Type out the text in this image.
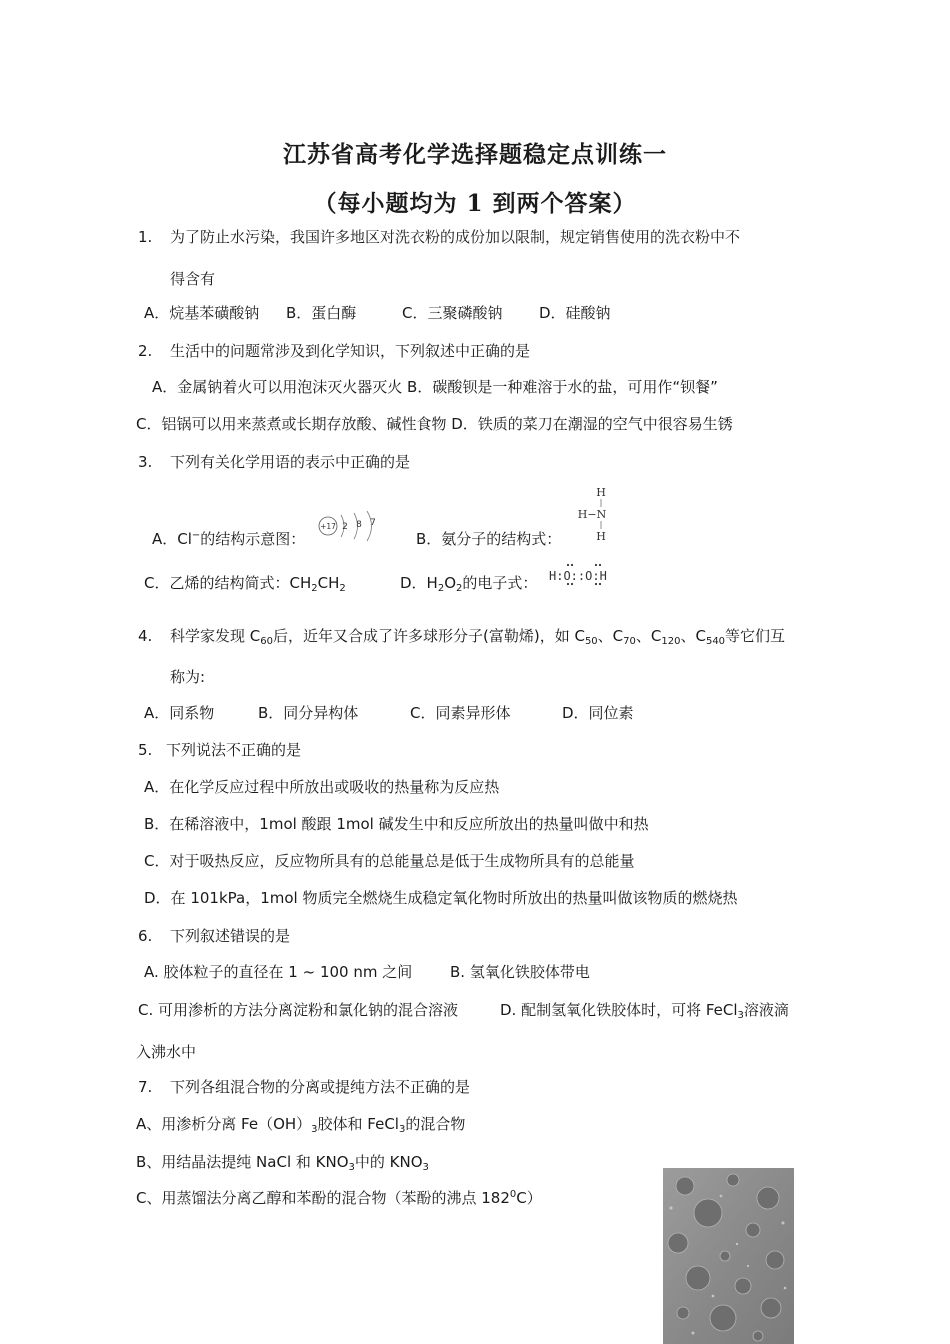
江苏省高考化学选择题稳定点训练一
（每小题均为 1 到两个答案）
1. 为了防止水污染，我国许多地区对洗衣粉的成份加以限制，规定销售使用的洗衣粉中不
得含有
A．烷基苯磺酸钠 B．蛋白酶	C．三聚磷酸钠 D．硅酸钠
2. 生活中的问题常涉及到化学知识，下列叙述中正确的是
A．金属钠着火可以用泡沫灭火器灭火 B．碳酸钡是一种难溶于水的盐，可用作“钡餐”
C．铝锅可以用来蒸煮或长期存放酸、碱性食物 D．铁质的菜刀在潮湿的空气中很容易生锈
3. 下列有关化学用语的表示中正确的是
A．Cl−的结构示意图：
+17 2 8 7
B．氨分子的结构式：
H
H−N
H
C．乙烯的结构简式：$CH_2CH_2$	D．$H_2O_2$的电子式： H:O::O:H
4. 科学家发现 $C_{60}$后，近年又合成了许多球形分子(富勒烯)，如 $C_{50}$、$C_{70}$、$C_{120}$、$C_{540}$等它们互
称为:
A．同系物	B．同分异构体	C．同素异形体	D．同位素
5. 下列说法不正确的是
A．在化学反应过程中所放出或吸收的热量称为反应热
B．在稀溶液中，1mol 酸跟 1mol 碱发生中和反应所放出的热量叫做中和热
C．对于吸热反应，反应物所具有的总能量总是低于生成物所具有的总能量
D．在 101kPa，1mol 物质完全燃烧生成稳定氧化物时所放出的热量叫做该物质的燃烧热
6. 下列叙述错误的是
A. 胶体粒子的直径在 1 ~ 100 nm 之间	B. 氢氧化铁胶体带电
C. 可用渗析的方法分离淀粉和氯化钠的混合溶液	D. 配制氢氧化铁胶体时，可将 FeCl$_3$溶液滴
入沸水中
7. 下列各组混合物的分离或提纯方法不正确的是
A、用渗析分离 $Fe(OH)_3$胶体和 FeCl$_3$的混合物
B、用结晶法提纯 NaCl 和 $KNO_3$中的 $KNO_3$
C、用蒸馏法分离乙醇和苯酚的混合物（苯酚的沸点 $182^0C$）
